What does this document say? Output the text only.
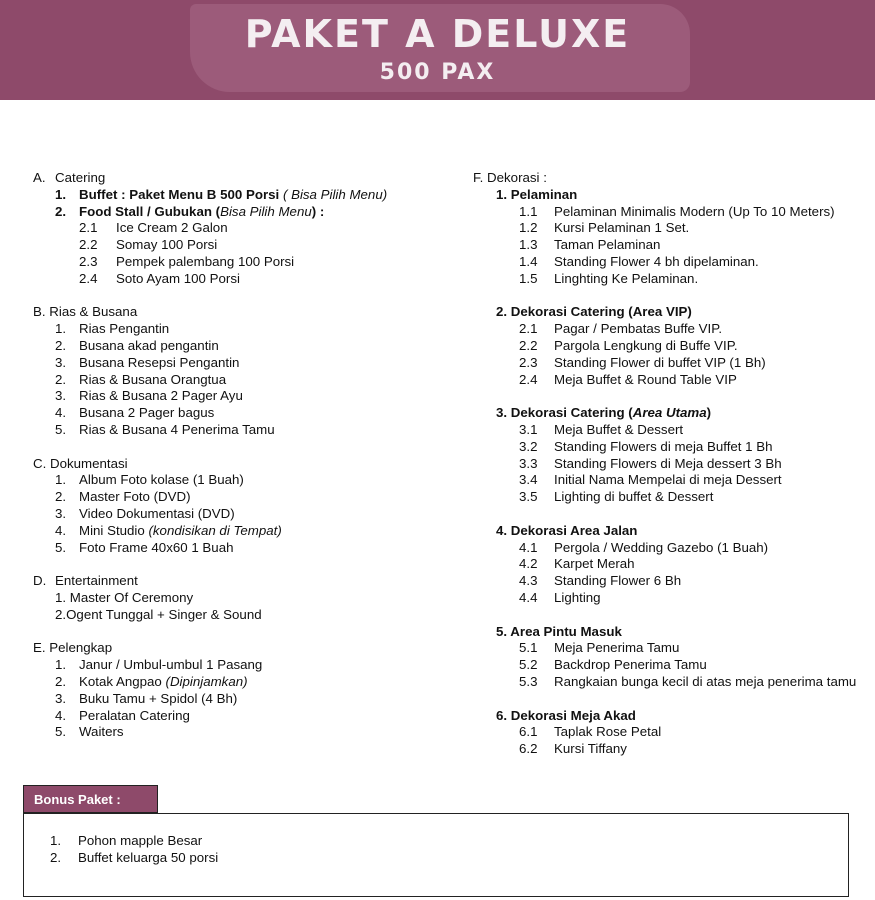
PAKET A DELUXE
500 PAX
A. Catering
1. Buffet : Paket Menu B 500 Porsi ( Bisa Pilih Menu)
2. Food Stall / Gubukan (Bisa Pilih Menu) :
2.1 Ice Cream 2 Galon
2.2 Somay 100 Porsi
2.3 Pempek palembang 100 Porsi
2.4 Soto Ayam 100 Porsi
B. Rias & Busana
1. Rias Pengantin
2. Busana akad pengantin
3. Busana Resepsi Pengantin
2. Rias & Busana Orangtua
3. Rias & Busana 2 Pager Ayu
4. Busana 2 Pager bagus
5. Rias & Busana 4 Penerima Tamu
C. Dokumentasi
1. Album Foto kolase (1 Buah)
2. Master Foto (DVD)
3. Video Dokumentasi (DVD)
4. Mini Studio (kondisikan di Tempat)
5. Foto Frame 40x60 1 Buah
D. Entertainment
1. Master Of Ceremony
2.Ogent Tunggal + Singer & Sound
E. Pelengkap
1. Janur / Umbul-umbul 1 Pasang
2. Kotak Angpao (Dipinjamkan)
3. Buku Tamu + Spidol (4 Bh)
4. Peralatan Catering
5. Waiters
F. Dekorasi :
1. Pelaminan
1.1 Pelaminan Minimalis Modern (Up To 10 Meters)
1.2 Kursi Pelaminan 1 Set.
1.3 Taman Pelaminan
1.4 Standing Flower 4 bh dipelaminan.
1.5 Linghting Ke Pelaminan.
2. Dekorasi Catering (Area VIP)
2.1 Pagar / Pembatas Buffe VIP.
2.2 Pargola Lengkung di Buffe VIP.
2.3 Standing Flower di buffet VIP (1 Bh)
2.4 Meja Buffet & Round Table VIP
3. Dekorasi Catering (Area Utama)
3.1 Meja Buffet & Dessert
3.2 Standing Flowers di meja Buffet 1 Bh
3.3 Standing Flowers di Meja dessert 3 Bh
3.4 Initial Nama Mempelai di meja Dessert
3.5 Lighting di buffet & Dessert
4. Dekorasi Area Jalan
4.1 Pergola / Wedding Gazebo (1 Buah)
4.2 Karpet Merah
4.3 Standing Flower 6 Bh
4.4 Lighting
5. Area Pintu Masuk
5.1 Meja Penerima Tamu
5.2 Backdrop Penerima Tamu
5.3 Rangkaian bunga kecil di atas meja penerima tamu
6. Dekorasi Meja Akad
6.1 Taplak Rose Petal
6.2 Kursi Tiffany
Bonus Paket :
1. Pohon mapple Besar
2. Buffet keluarga 50 porsi
